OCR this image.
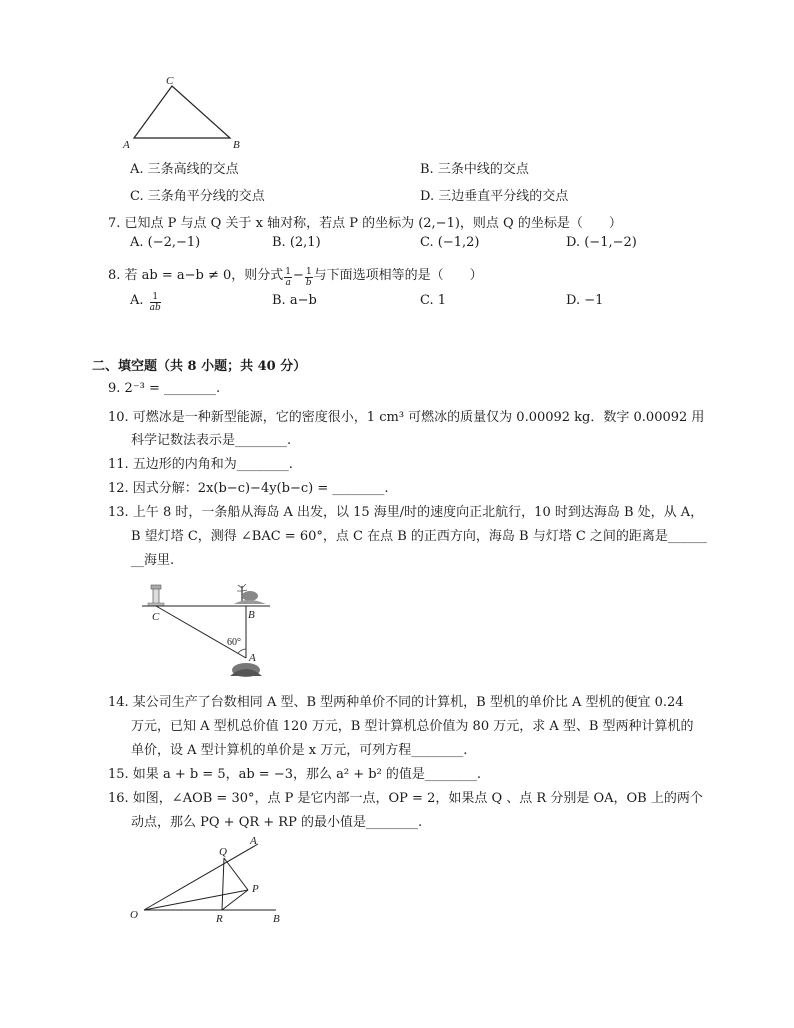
C
A	B
A. 三条高线的交点	B. 三条中线的交点
C. 三条角平分线的交点	D. 三边垂直平分线的交点
7. 已知点 P 与点 Q 关于 x 轴对称，若点 P 的坐标为 (2,−1)，则点 Q 的坐标是（　　）
A. (−2,−1)	B. (2,1)	C. (−1,2)	D. (−1,−2)
8. 若 ab = a−b ≠ 0，则分式 $\frac{1}{a} - \frac{1}{b}$ 与下面选项相等的是（　　）
A. $\frac{1}{ab}$	B. a−b	C. 1	D. −1
二、填空题（共 8 小题；共 40 分）
9. 2⁻³ = ________.
10. 可燃冰是一种新型能源，它的密度很小，1 cm³ 可燃冰的质量仅为 0.00092 kg．数字 0.00092 用
科学记数法表示是________.
11. 五边形的内角和为________.
12. 因式分解：2x(b−c)−4y(b−c) = ________.
13. 上午 8 时，一条船从海岛 A 出发，以 15 海里/时的速度向正北航行，10 时到达海岛 B 处，从 A，
B 望灯塔 C，测得 ∠BAC = 60°，点 C 在点 B 的正西方向，海岛 B 与灯塔 C 之间的距离是______
__海里.
C	B
A
60°
14. 某公司生产了台数相同 A 型、B 型两种单价不同的计算机，B 型机的单价比 A 型机的便宜 0.24
万元，已知 A 型机总价值 120 万元，B 型计算机总价值为 80 万元，求 A 型、B 型两种计算机的
单价，设 A 型计算机的单价是 x 万元，可列方程________.
15. 如果 a + b = 5，ab = −3，那么 a² + b² 的值是________.
16. 如图，∠AOB = 30°，点 P 是它内部一点，OP = 2，如果点 Q 、点 R 分别是 OA，OB 上的两个
动点，那么 PQ + QR + RP 的最小值是________.
A
Q
P
O	R	B
